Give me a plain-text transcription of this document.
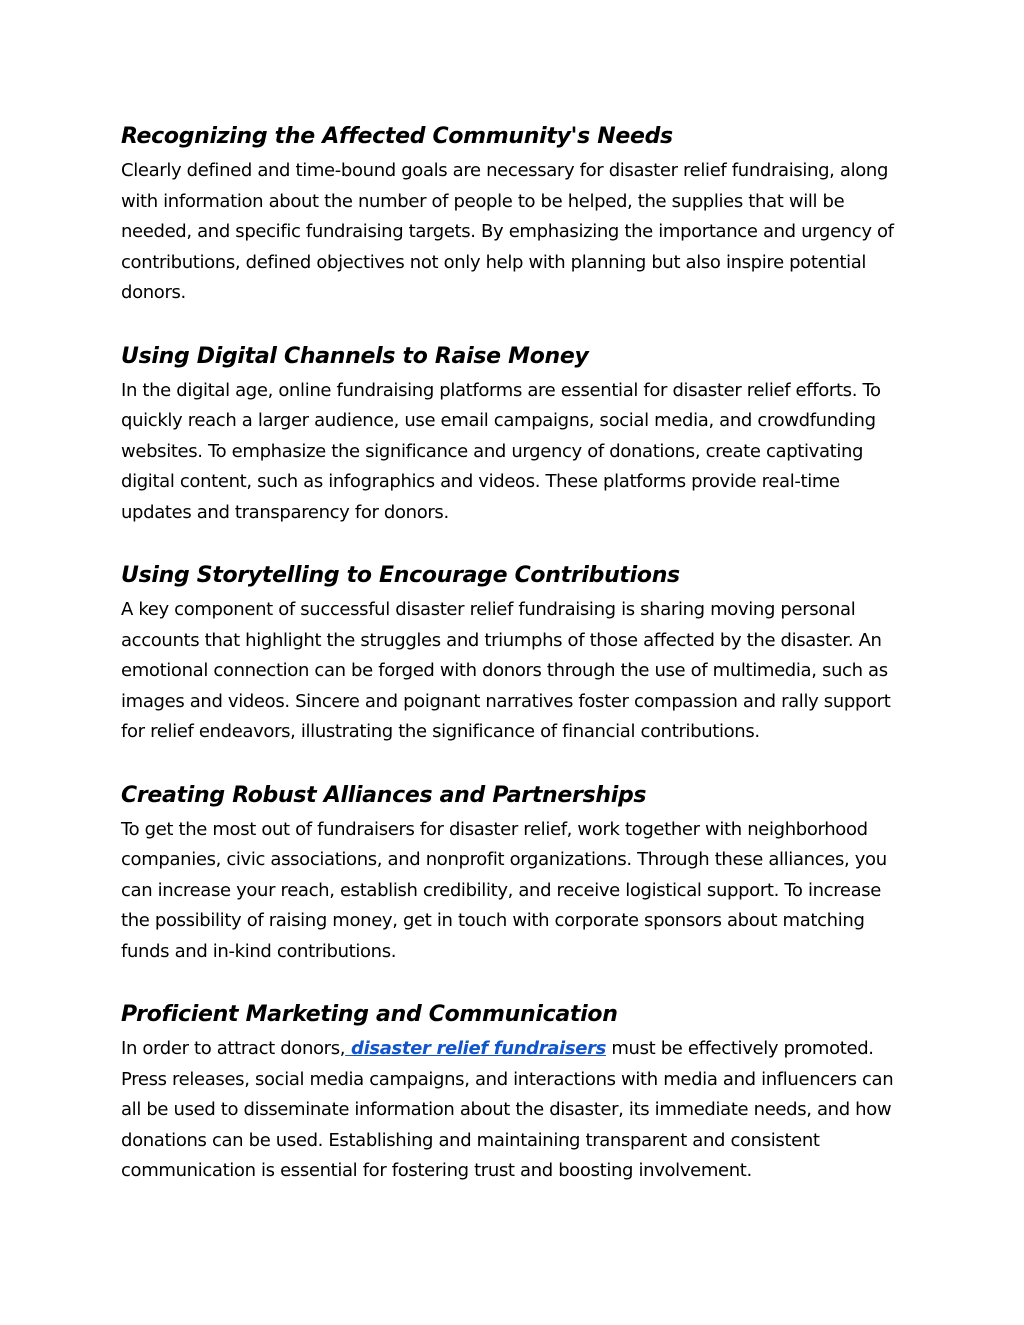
Recognizing the Affected Community's Needs

Clearly defined and time-bound goals are necessary for disaster relief fundraising, along
with information about the number of people to be helped, the supplies that will be
needed, and specific fundraising targets. By emphasizing the importance and urgency of
contributions, defined objectives not only help with planning but also inspire potential
donors.

Using Digital Channels to Raise Money

In the digital age, online fundraising platforms are essential for disaster relief efforts. To
quickly reach a larger audience, use email campaigns, social media, and crowdfunding
websites. To emphasize the significance and urgency of donations, create captivating
digital content, such as infographics and videos. These platforms provide real-time
updates and transparency for donors.

Using Storytelling to Encourage Contributions

A key component of successful disaster relief fundraising is sharing moving personal
accounts that highlight the struggles and triumphs of those affected by the disaster. An
emotional connection can be forged with donors through the use of multimedia, such as
images and videos. Sincere and poignant narratives foster compassion and rally support
for relief endeavors, illustrating the significance of financial contributions.

Creating Robust Alliances and Partnerships

To get the most out of fundraisers for disaster relief, work together with neighborhood
companies, civic associations, and nonprofit organizations. Through these alliances, you
can increase your reach, establish credibility, and receive logistical support. To increase
the possibility of raising money, get in touch with corporate sponsors about matching
funds and in-kind contributions.

Proficient Marketing and Communication

In order to attract donors, disaster relief fundraisers must be effectively promoted.
Press releases, social media campaigns, and interactions with media and influencers can
all be used to disseminate information about the disaster, its immediate needs, and how
donations can be used. Establishing and maintaining transparent and consistent
communication is essential for fostering trust and boosting involvement.
